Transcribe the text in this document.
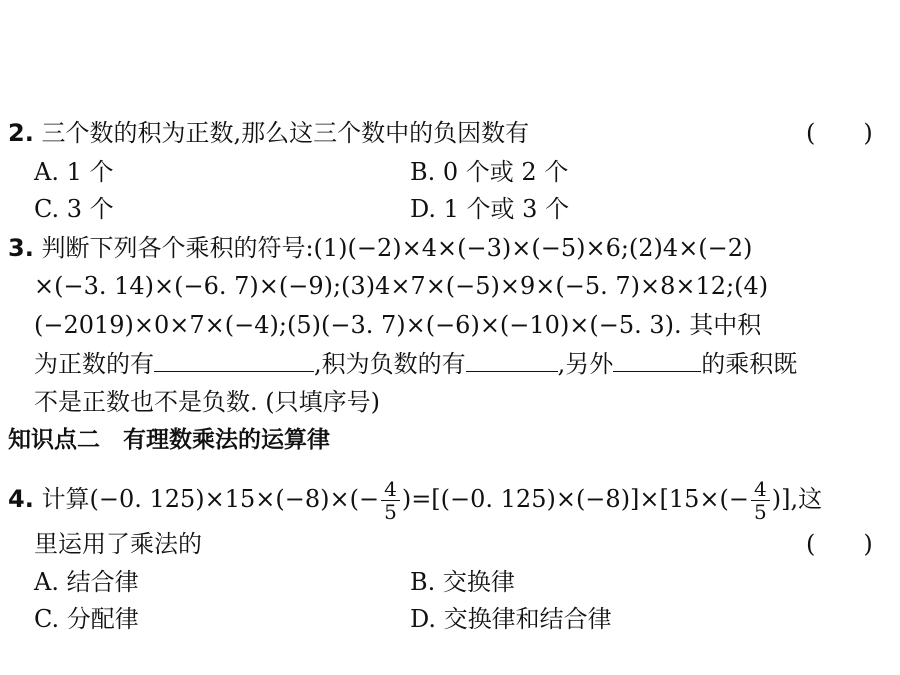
2. 三个数的积为正数,那么这三个数中的负因数有	(　　)
A. 1 个	B. 0 个或 2 个
C. 3 个	D. 1 个或 3 个
3. 判断下列各个乘积的符号:(1)(−2)×4×(−3)×(−5)×6;(2)4×(−2)
×(−3. 14)×(−6. 7)×(−9);(3)4×7×(−5)×9×(−5. 7)×8×12;(4)
(−2019)×0×7×(−4);(5)(−3. 7)×(−6)×(−10)×(−5. 3). 其中积
为正数的有	,积为负数的有	,另外	的乘积既
不是正数也不是负数. (只填序号)
知识点二　有理数乘法的运算律
4. 计算(−0. $125)\times 15\times(-8)\times(- \frac{4}{5} )=[(-0$. $125)\times(-8)]\times[15\times(- \frac{4}{5}$ )],这
里运用了乘法的	(　　)
A. 结合律	B. 交换律
C. 分配律	D. 交换律和结合律
